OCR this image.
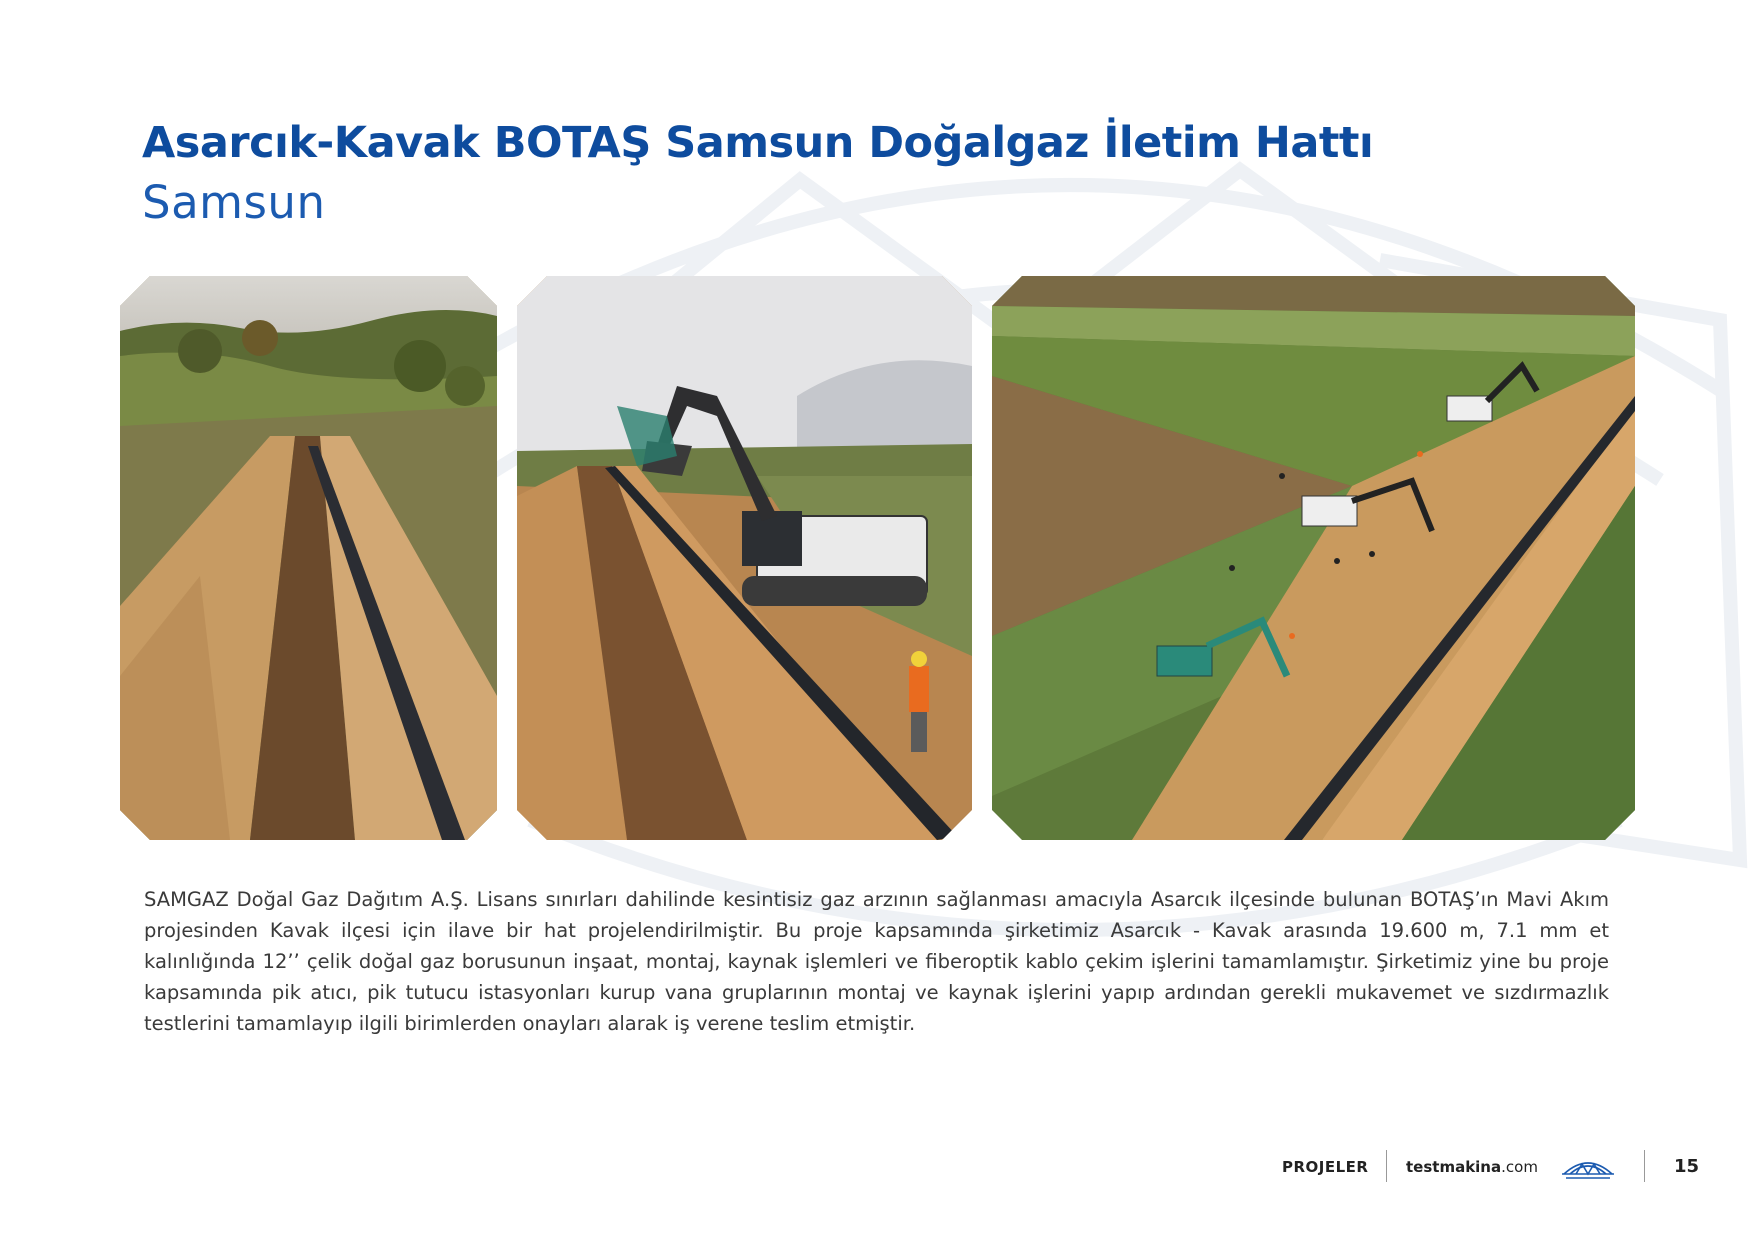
Asarcık-Kavak BOTAŞ Samsun Doğalgaz İletim Hattı
Samsun

SAMGAZ Doğal Gaz Dağıtım A.Ş. Lisans sınırları dahilinde kesintisiz gaz arzının sağlanması amacıyla Asarcık ilçesinde bulunan BOTAŞ’ın Mavi Akım projesinden Kavak ilçesi için ilave bir hat projelendirilmiştir. Bu proje kapsamında şirketimiz Asarcık - Kavak arasında 19.600 m, 7.1 mm et kalınlığında 12’’ çelik doğal gaz borusunun inşaat, montaj, kaynak işlemleri ve fiberoptik kablo çekim işlerini tamamlamıştır. Şirketimiz yine bu proje kapsamında pik atıcı, pik tutucu istasyonları kurup vana gruplarının montaj ve kaynak işlerini yapıp ardından gerekli mukavemet ve sızdırmazlık testlerini tamamlayıp ilgili birimlerden onayları alarak iş verene teslim etmiştir.

PROJELER	testmakina.com	15
